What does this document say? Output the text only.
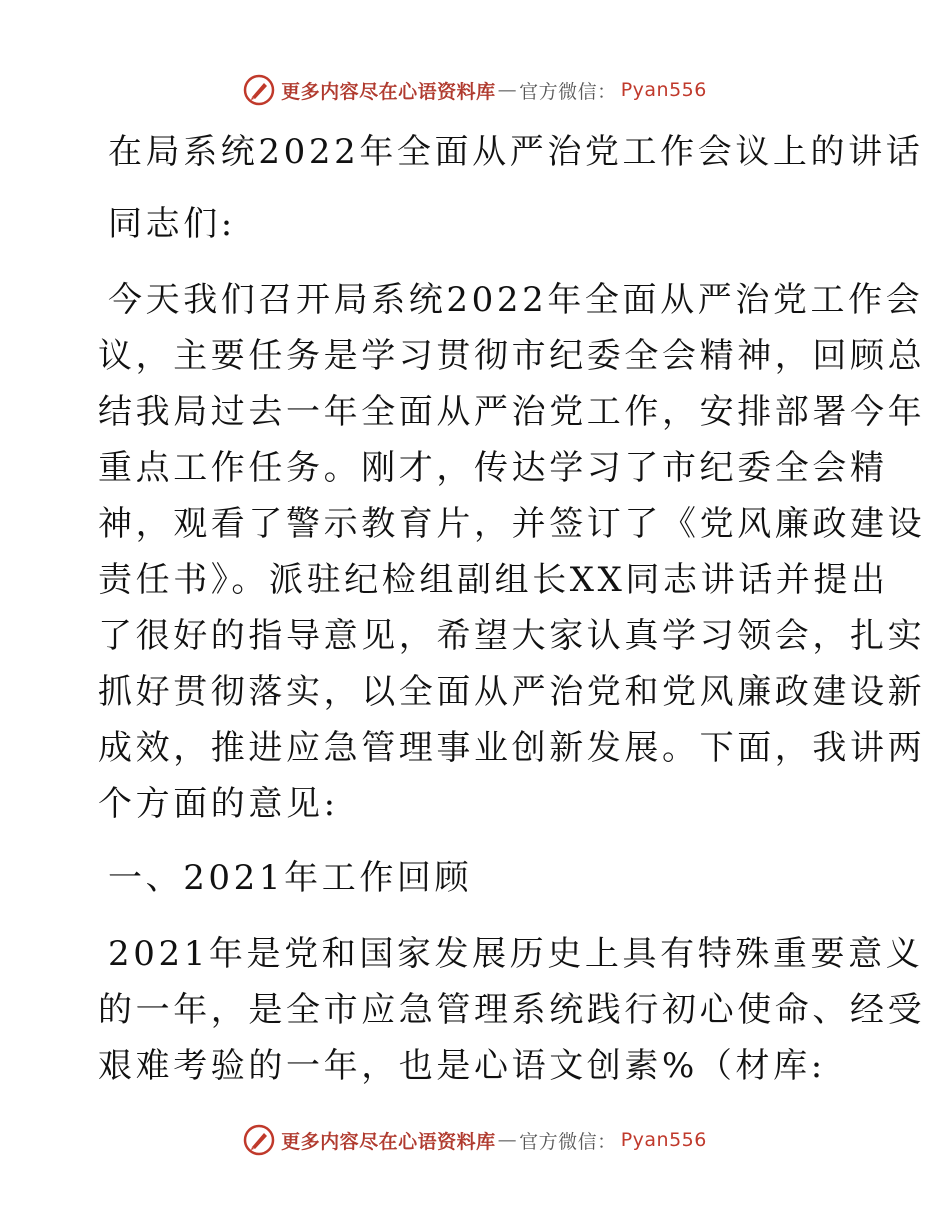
更多内容尽在心语资料库 — 官方微信： Pyan556

在局系统2022年全面从严治党工作会议上的讲话

同志们:

今天我们召开局系统2022年全面从严治党工作会

议，主要任务是学习贯彻市纪委全会精神，回顾总

结我局过去一年全面从严治党工作，安排部署今年

重点工作任务。刚才，传达学习了市纪委全会精

神，观看了警示教育片，并签订了《党风廉政建设

责任书》。派驻纪检组副组长XX同志讲话并提出

了很好的指导意见，希望大家认真学习领会，扎实

抓好贯彻落实，以全面从严治党和党风廉政建设新

成效，推进应急管理事业创新发展。下面，我讲两

个方面的意见:

一、2021年工作回顾

2021年是党和国家发展历史上具有特殊重要意义

的一年，是全市应急管理系统践行初心使命、经受

艰难考验的一年，也是心语文创素%（材库:

更多内容尽在心语资料库 — 官方微信： Pyan556
